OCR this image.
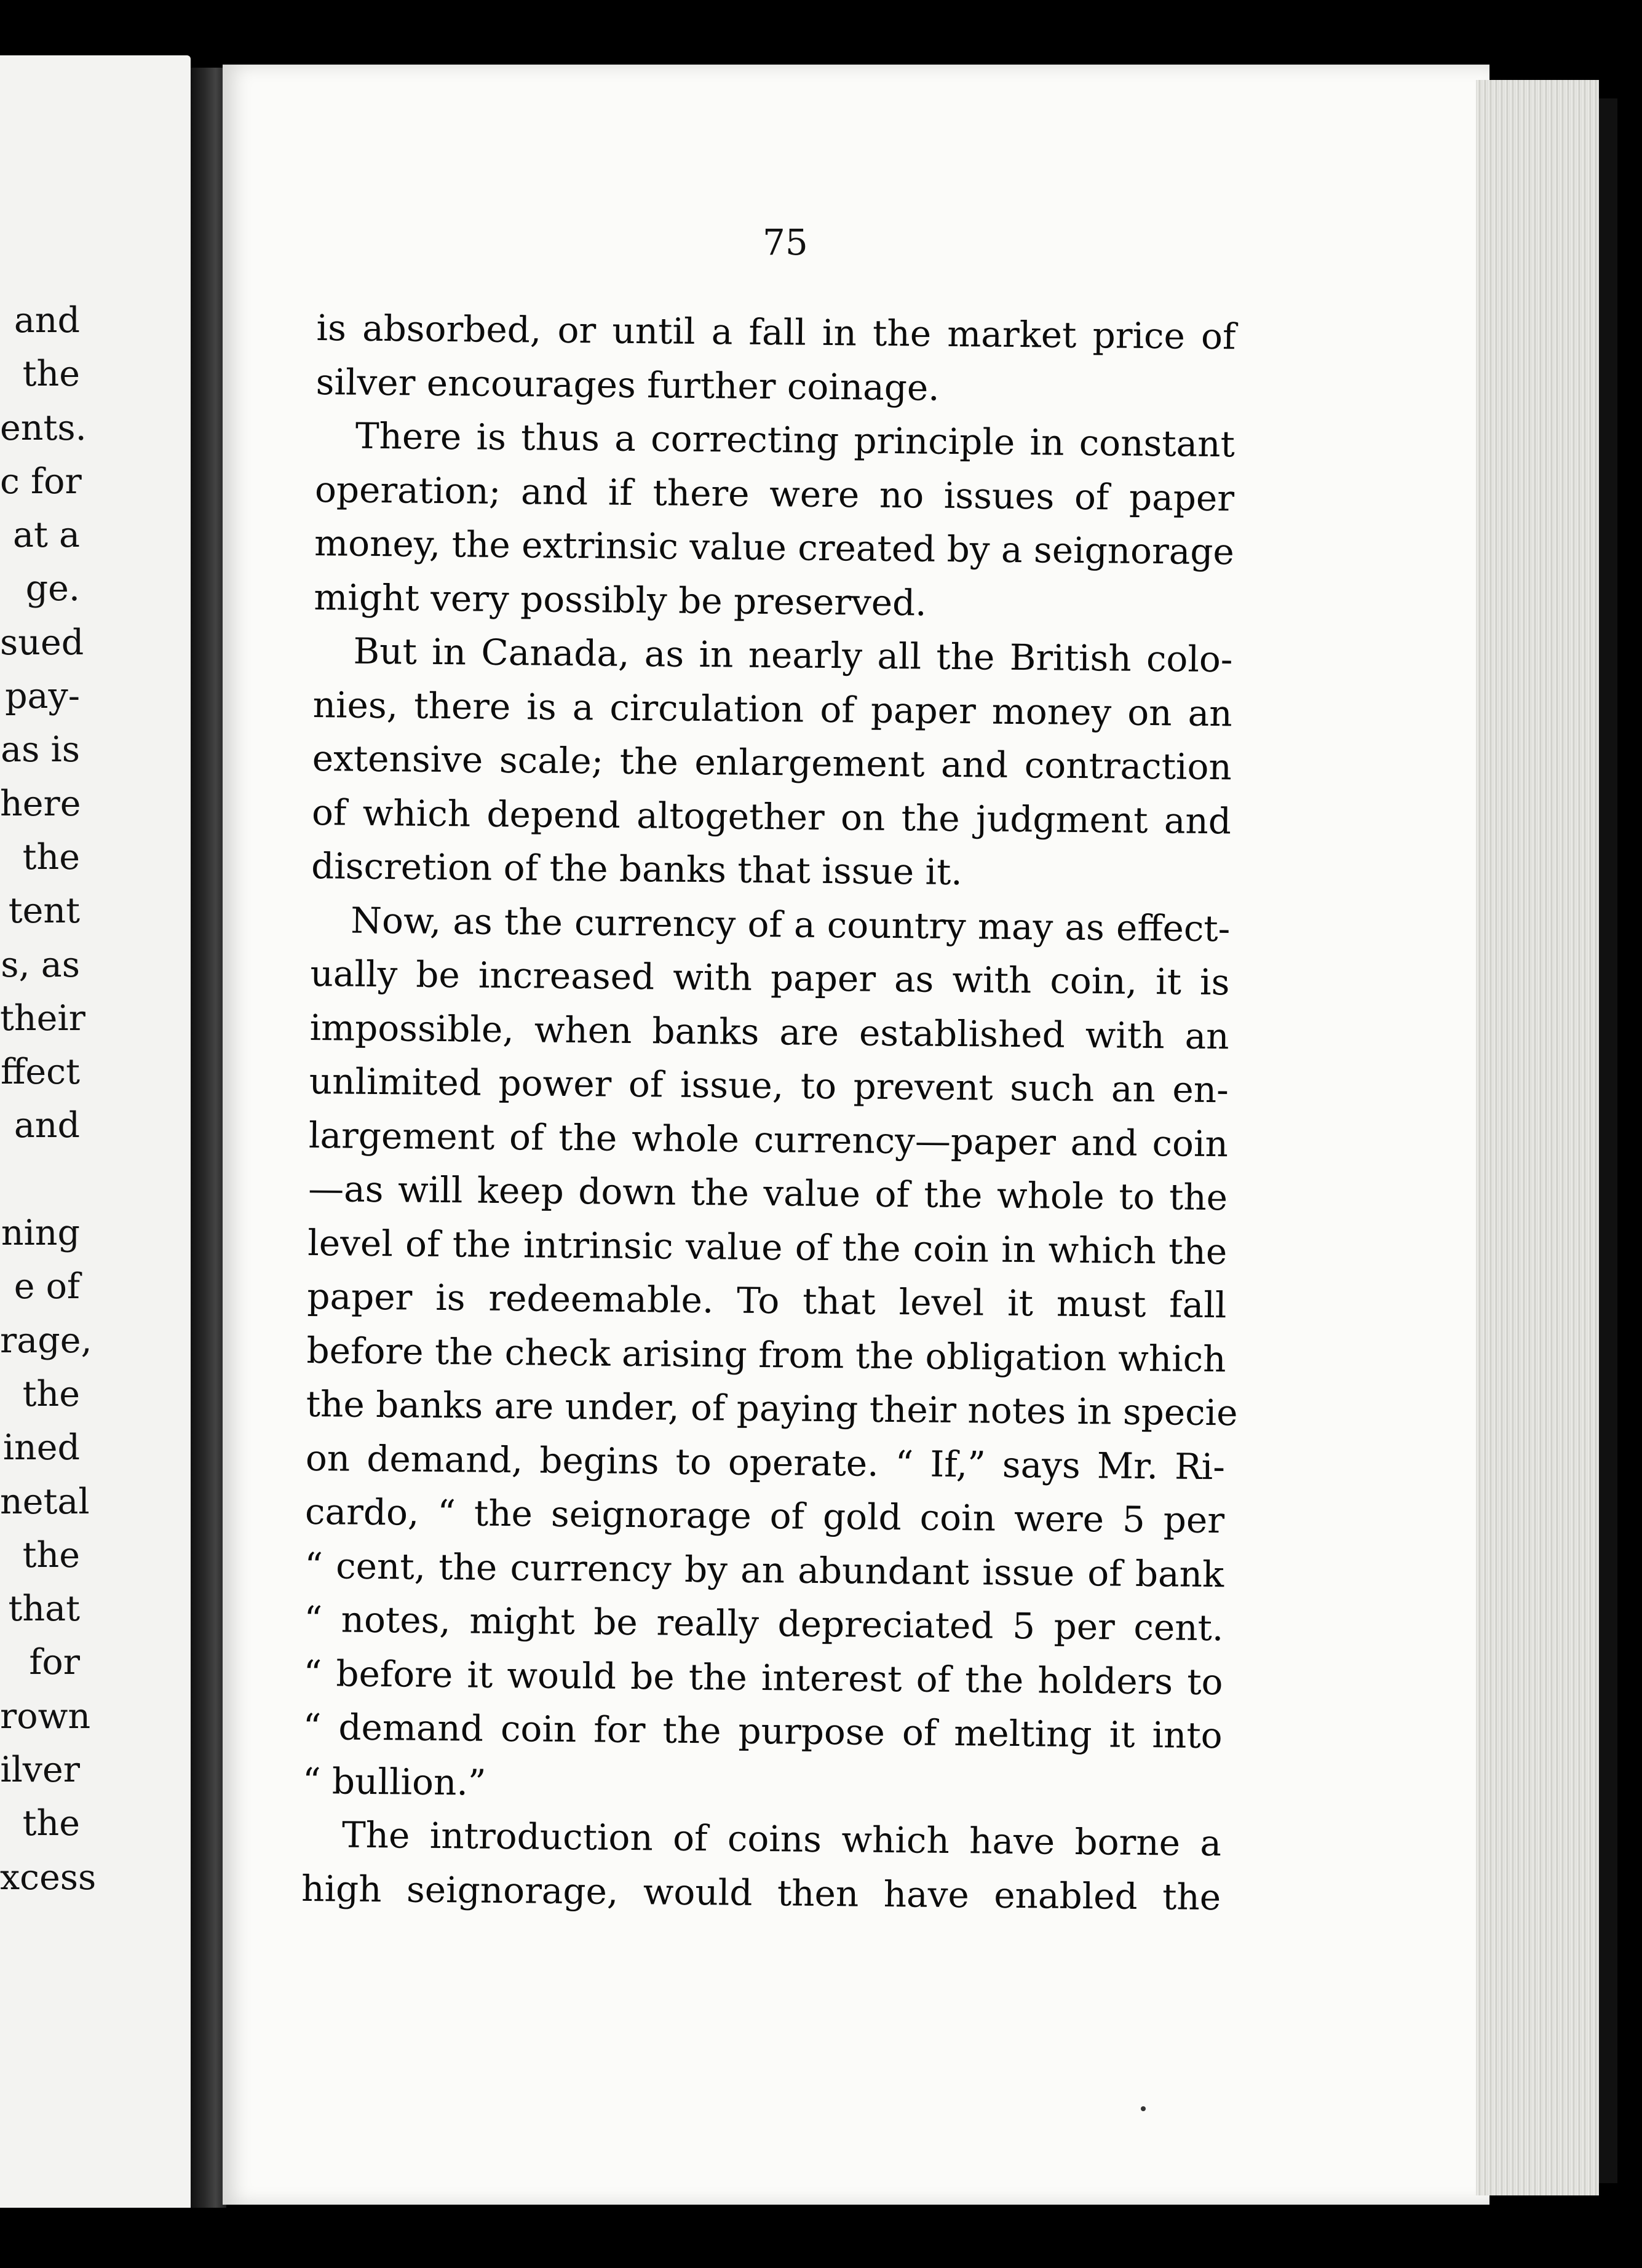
and
the
ents.
c for
at a
ge.
sued
pay-
as is
here
the
tent
s, as
their
ffect
and
ning
e of
rage,
the
ined
netal
the
that
for
rown
ilver
the
xcess
75
is absorbed, or until a fall in the market price of
silver encourages further coinage.
There is thus a correcting principle in constant
operation; and if there were no issues of paper
money, the extrinsic value created by a seignorage
might very possibly be preserved.
But in Canada, as in nearly all the British colo-
nies, there is a circulation of paper money on an
extensive scale; the enlargement and contraction
of which depend altogether on the judgment and
discretion of the banks that issue it.
Now, as the currency of a country may as effect-
ually be increased with paper as with coin, it is
impossible, when banks are established with an
unlimited power of issue, to prevent such an en-
largement of the whole currency—paper and coin
—as will keep down the value of the whole to the
level of the intrinsic value of the coin in which the
paper is redeemable. To that level it must fall
before the check arising from the obligation which
the banks are under, of paying their notes in specie
on demand, begins to operate. “ If,” says Mr. Ri-
cardo, “ the seignorage of gold coin were 5 per
“ cent, the currency by an abundant issue of bank
“ notes, might be really depreciated 5 per cent.
“ before it would be the interest of the holders to
“ demand coin for the purpose of melting it into
“ bullion.”
The introduction of coins which have borne a
high seignorage, would then have enabled the
